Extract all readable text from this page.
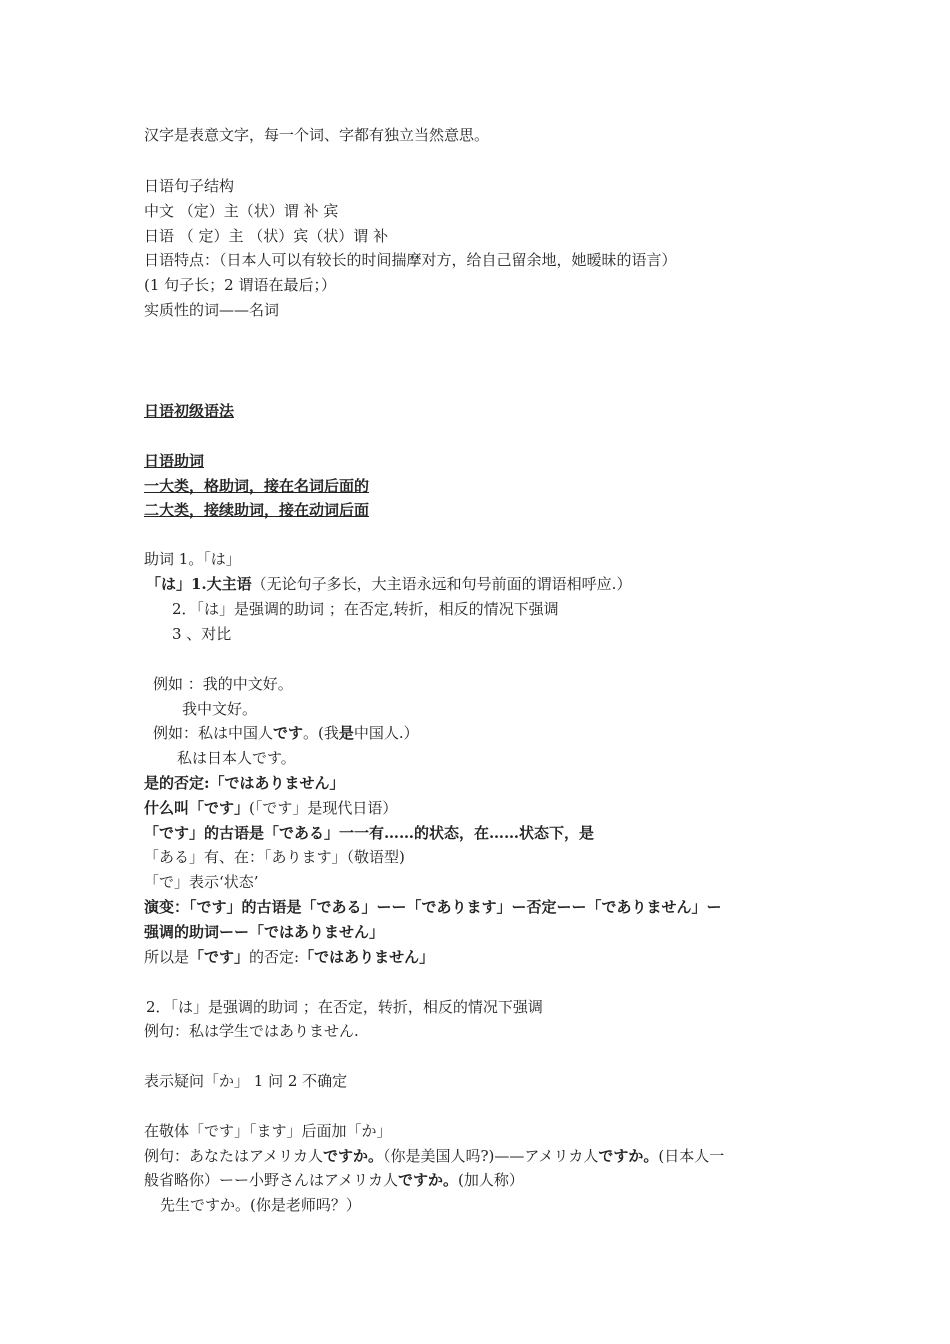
汉字是表意文字，每一个词、字都有独立当然意思。
日语句子结构
中文 （定）主（状）谓 补 宾
日语 （ 定）主 （状）宾（状）谓 补
日语特点：（日本人可以有较长的时间揣摩对方，给自己留余地，她暧昧的语言）
(1 句子长；2 谓语在最后；）
实质性的词——名词
日语初级语法
日语助词
一大类，格助词，接在名词后面的
二大类，接续助词，接在动词后面
助词 1。「は」
「は」1.大主语（无论句子多长，大主语永远和句号前面的谓语相呼应.）
2．「は」是强调的助词 ；在否定,转折，相反的情况下强调
3 、对比
例如 ：我的中文好。
我中文好。
例如：私は中国人です。(我是中国人.）
私は日本人です。
是的否定:「ではありません」
什么叫「です」(「です」是现代日语）
「です」的古语是「である」一一有……的状态，在……状态下，是
「ある」有、在：「あります」（敬语型)
「で」表示‘状态’
演变：「です」的古语是「である」ーー「であります」ー否定ーー「でありません」ー
强调的助词ーー「ではありません」
所以是「です」的否定:「ではありません」
2．「は」是强调的助词 ；在否定，转折，相反的情况下强调
例句：私は学生ではありません.
表示疑问「か」 1 问 2 不确定
在敬体「です」「ます」后面加「か」
例句：あなたはアメリカ人ですか。（你是美国人吗?)——アメリカ人ですか。(日本人一
般省略你）ーー小野さんはアメリカ人ですか。(加人称）
先生ですか。(你是老师吗？）
